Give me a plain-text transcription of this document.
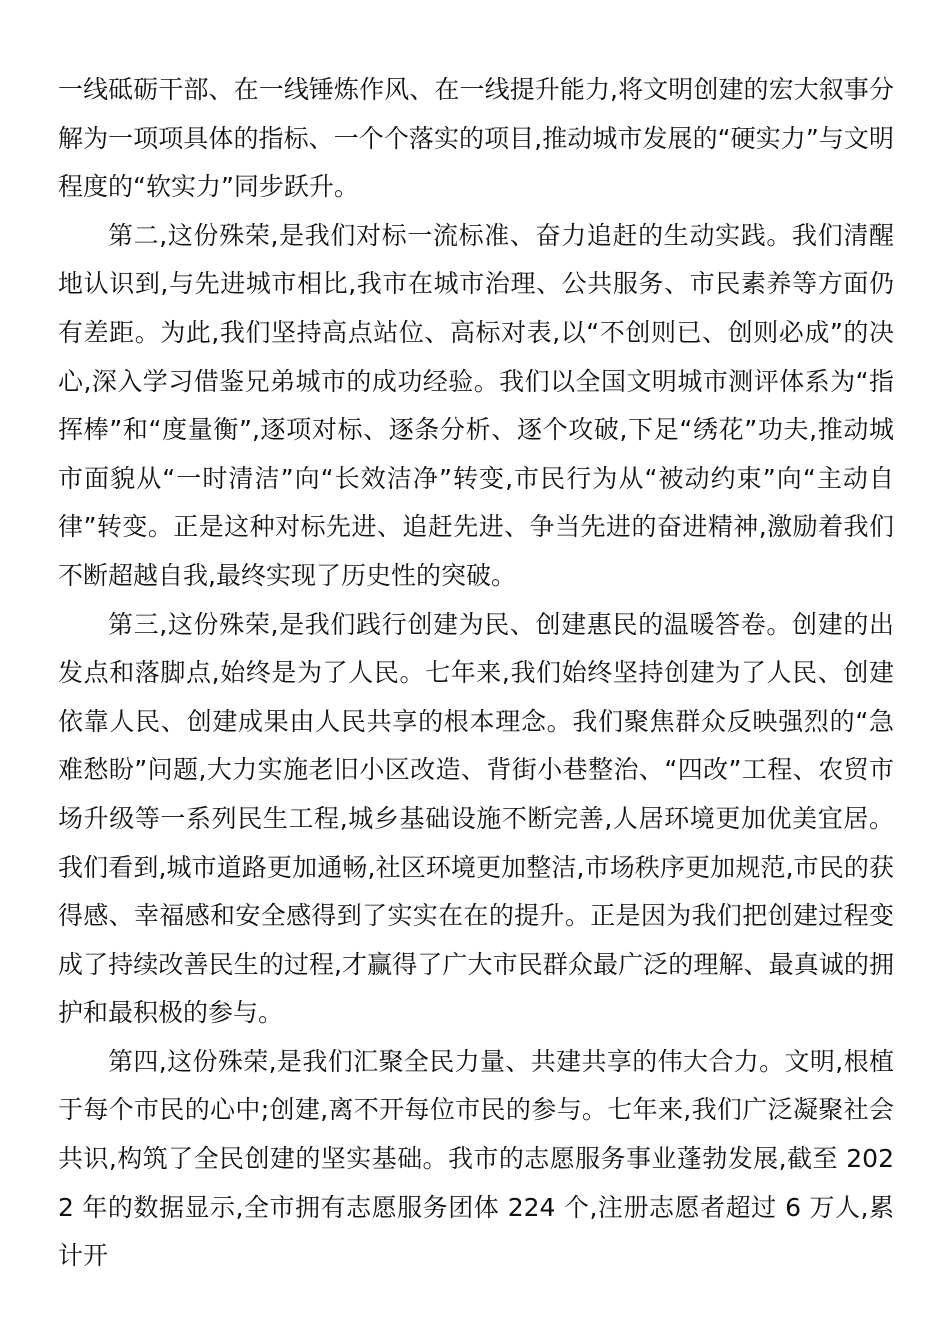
一线砥砺干部、在一线锤炼作风、在一线提升能力,将文明创建的宏大叙事分解为一项项具体的指标、一个个落实的项目,推动城市发展的“硬实力”与文明程度的“软实力”同步跃升。

第二,这份殊荣,是我们对标一流标准、奋力追赶的生动实践。我们清醒地认识到,与先进城市相比,我市在城市治理、公共服务、市民素养等方面仍有差距。为此,我们坚持高点站位、高标对表,以“不创则已、创则必成”的决心,深入学习借鉴兄弟城市的成功经验。我们以全国文明城市测评体系为“指挥棒”和“度量衡”,逐项对标、逐条分析、逐个攻破,下足“绣花”功夫,推动城市面貌从“一时清洁”向“长效洁净”转变,市民行为从“被动约束”向“主动自律”转变。正是这种对标先进、追赶先进、争当先进的奋进精神,激励着我们不断超越自我,最终实现了历史性的突破。

第三,这份殊荣,是我们践行创建为民、创建惠民的温暖答卷。创建的出发点和落脚点,始终是为了人民。七年来,我们始终坚持创建为了人民、创建依靠人民、创建成果由人民共享的根本理念。我们聚焦群众反映强烈的“急难愁盼”问题,大力实施老旧小区改造、背街小巷整治、“四改”工程、农贸市场升级等一系列民生工程,城乡基础设施不断完善,人居环境更加优美宜居。我们看到,城市道路更加通畅,社区环境更加整洁,市场秩序更加规范,市民的获得感、幸福感和安全感得到了实实在在的提升。正是因为我们把创建过程变成了持续改善民生的过程,才赢得了广大市民群众最广泛的理解、最真诚的拥护和最积极的参与。

第四,这份殊荣,是我们汇聚全民力量、共建共享的伟大合力。文明,根植于每个市民的心中;创建,离不开每位市民的参与。七年来,我们广泛凝聚社会共识,构筑了全民创建的坚实基础。我市的志愿服务事业蓬勃发展,截至 2022 年的数据显示,全市拥有志愿服务团体 224 个,注册志愿者超过 6 万人,累计开
